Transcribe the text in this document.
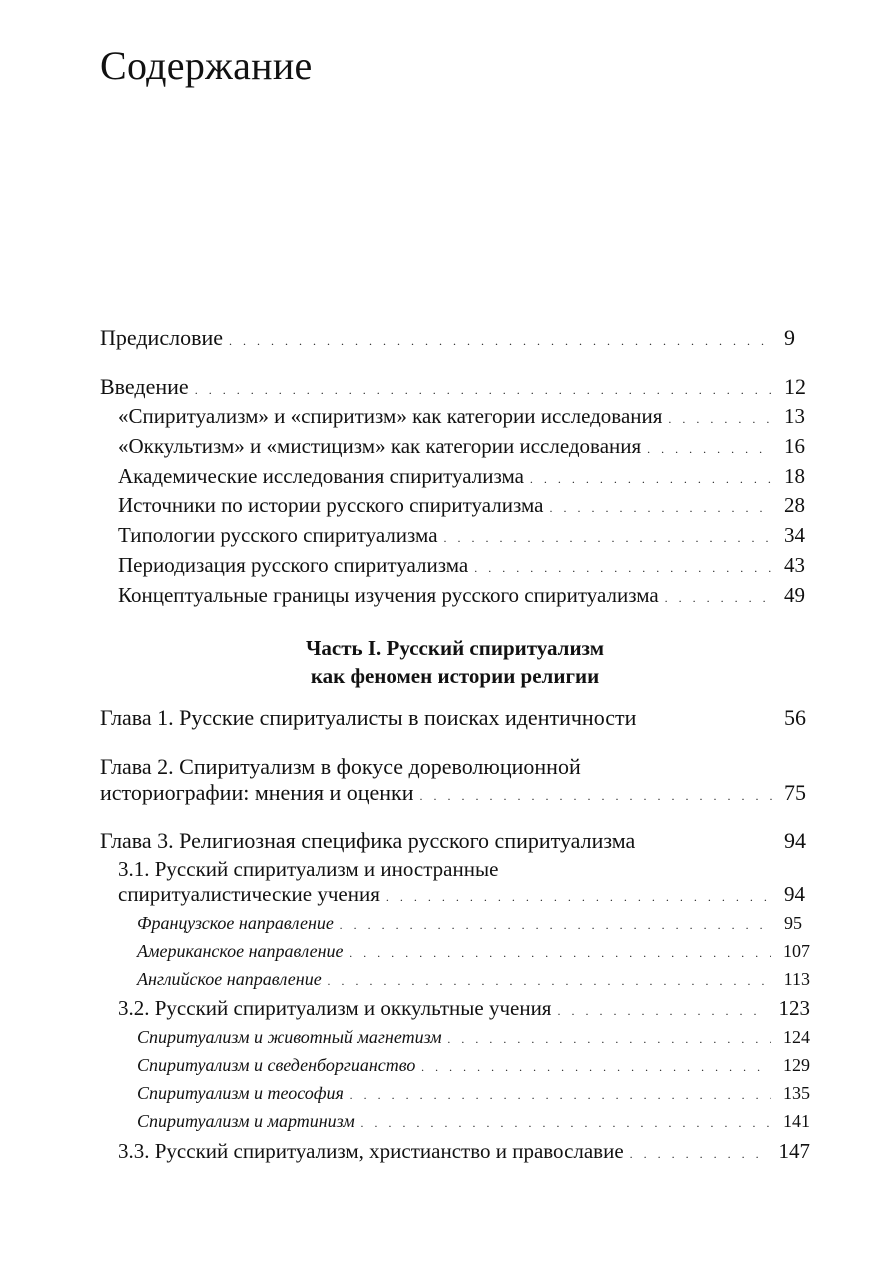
Содержание
Предисловие . . .	9
Введение . . .	12
«Спиритуализм» и «спиритизм» как категории исследования . . .	13
«Оккультизм» и «мистицизм» как категории исследования . . .	16
Академические исследования спиритуализма . . .	18
Источники по истории русского спиритуализма . . .	28
Типологии русского спиритуализма . . .	34
Периодизация русского спиритуализма . . .	43
Концептуальные границы изучения русского спиритуализма . . .	49
Часть I. Русский спиритуализм
как феномен истории религии
Глава 1. Русские спиритуалисты в поисках идентичности	56
Глава 2. Спиритуализм в фокусе дореволюционной
историографии: мнения и оценки . . .	75
Глава 3. Религиозная специфика русского спиритуализма	94
3.1. Русский спиритуализм и иностранные
спиритуалистические учения . . .	94
Французское направление . . .	95
Американское направление . . .	107
Английское направление . . .	113
3.2. Русский спиритуализм и оккультные учения . . .	123
Спиритуализм и животный магнетизм . . .	124
Спиритуализм и сведенборгианство . . .	129
Спиритуализм и теософия . . .	135
Спиритуализм и мартинизм . . .	141
3.3. Русский спиритуализм, христианство и православие . . .	147
